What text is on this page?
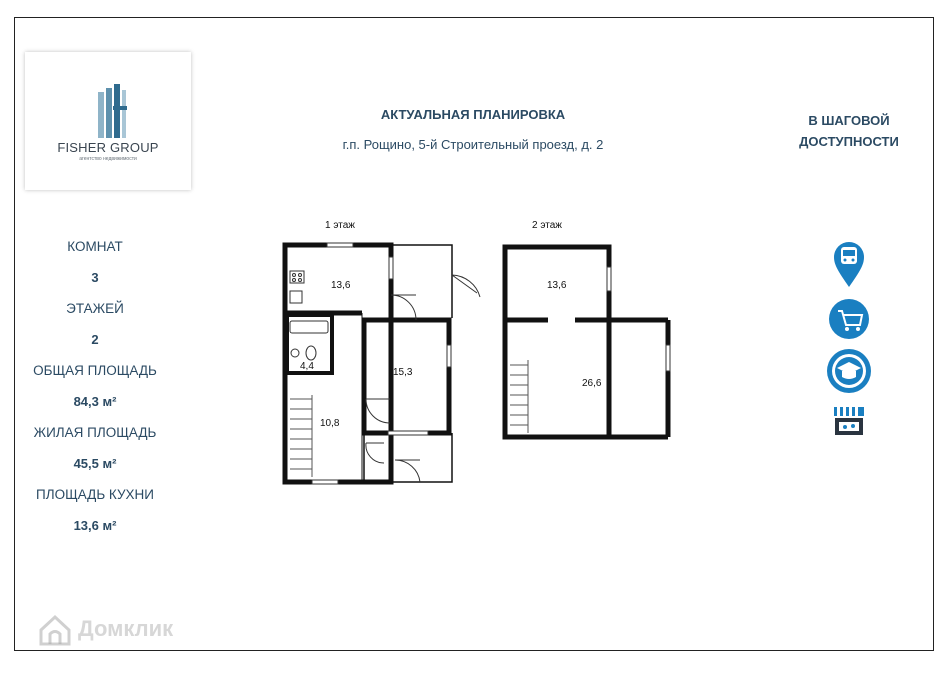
FISHER GROUP
агентство недвижимости
АКТУАЛЬНАЯ ПЛАНИРОВКА
г.п. Рощино, 5-й Строительный проезд, д. 2
В ШАГОВОЙ
ДОСТУПНОСТИ
КОМНАТ
3
ЭТАЖЕЙ
2
ОБЩАЯ ПЛОЩАДЬ
84,3 м²
ЖИЛАЯ ПЛОЩАДЬ
45,5 м²
ПЛОЩАДЬ КУХНИ
13,6 м²
1 этаж	2 этаж
13,6
4,4
15,3
10,8
13,6
26,6
Домклик
